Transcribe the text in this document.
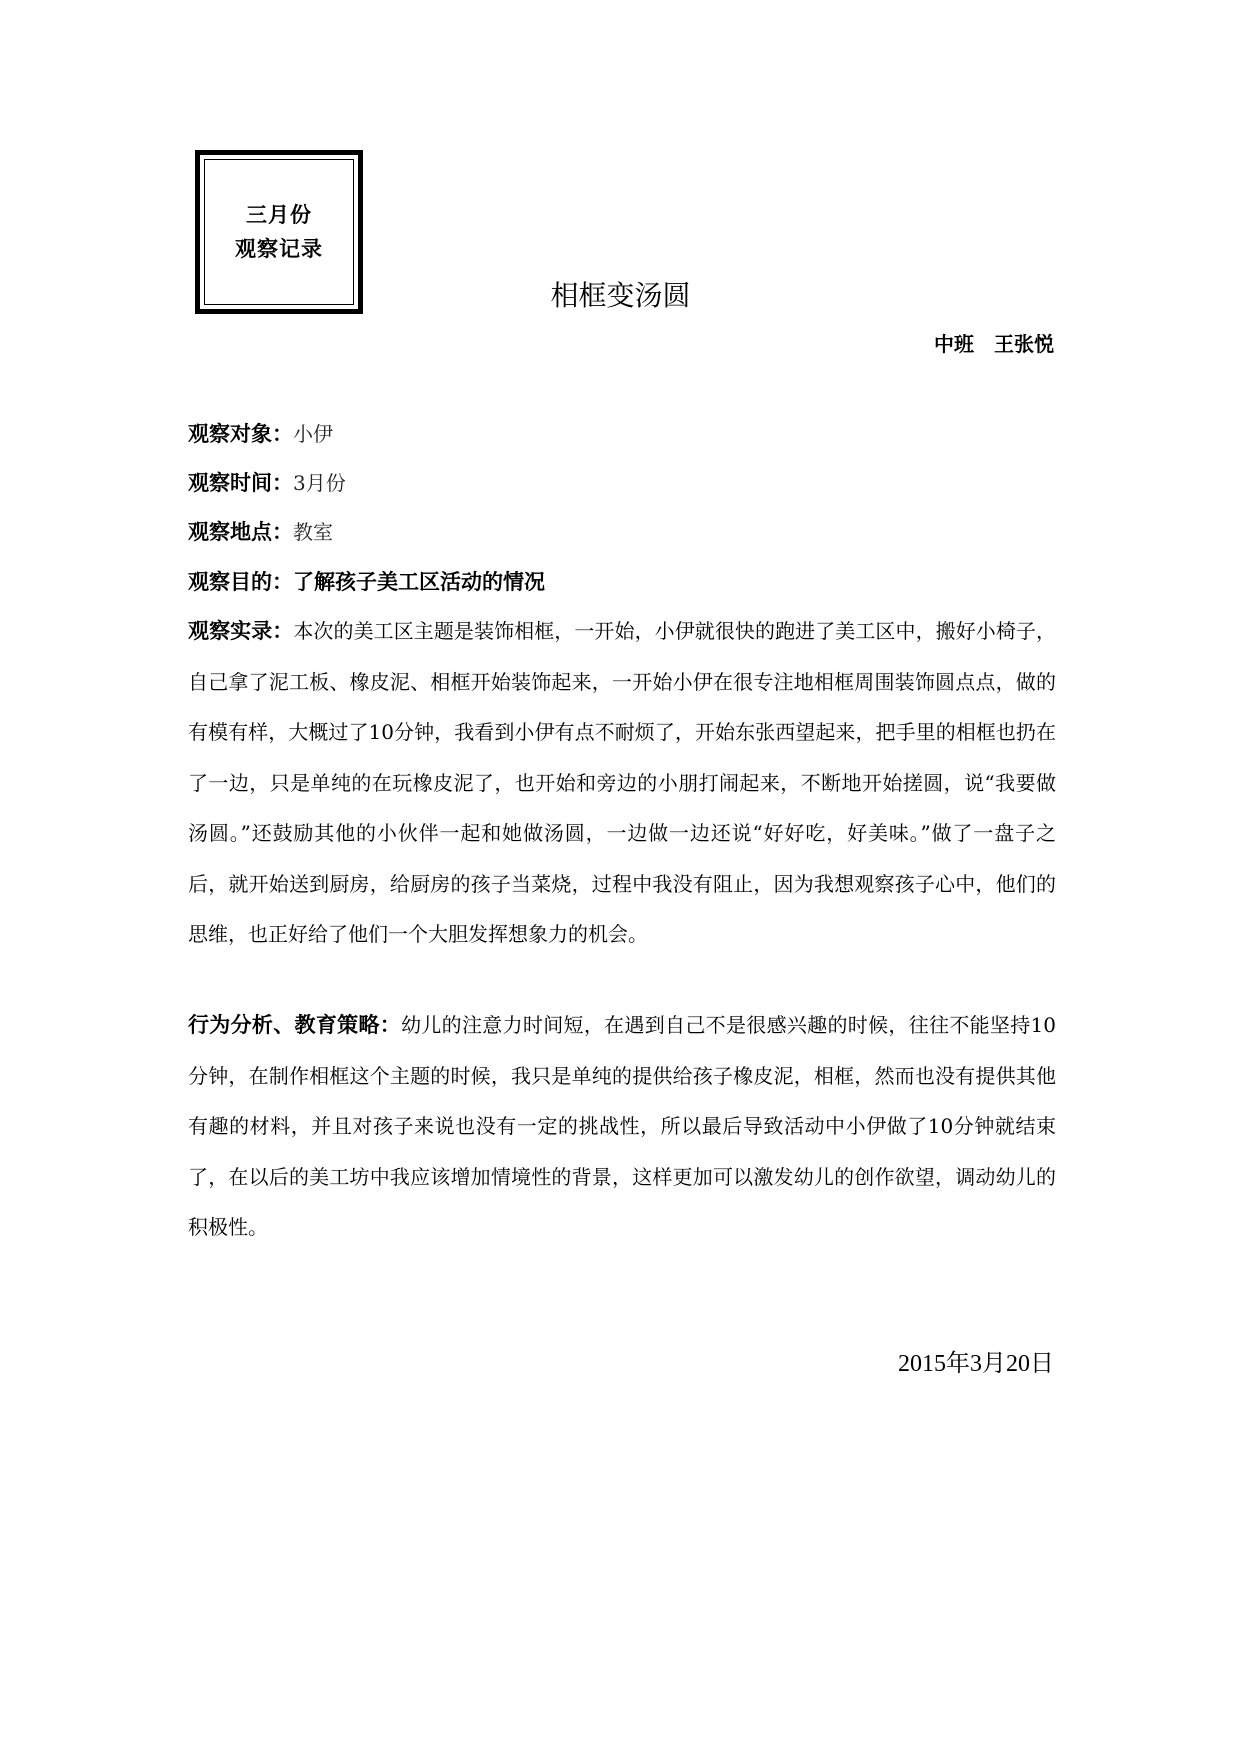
三月份
观察记录
相框变汤圆
中班　王张悦
观察对象：小伊
观察时间：3月份
观察地点：教室
观察目的：了解孩子美工区活动的情况
观察实录：本次的美工区主题是装饰相框，一开始，小伊就很快的跑进了美工区中，搬好小椅子，自己拿了泥工板、橡皮泥、相框开始装饰起来，一开始小伊在很专注地相框周围装饰圆点点，做的有模有样，大概过了10分钟，我看到小伊有点不耐烦了，开始东张西望起来，把手里的相框也扔在了一边，只是单纯的在玩橡皮泥了，也开始和旁边的小朋打闹起来，不断地开始搓圆，说“我要做汤圆。”还鼓励其他的小伙伴一起和她做汤圆，一边做一边还说“好好吃，好美味。”做了一盘子之后，就开始送到厨房，给厨房的孩子当菜烧，过程中我没有阻止，因为我想观察孩子心中，他们的思维，也正好给了他们一个大胆发挥想象力的机会。
行为分析、教育策略：幼儿的注意力时间短，在遇到自己不是很感兴趣的时候，往往不能坚持10分钟，在制作相框这个主题的时候，我只是单纯的提供给孩子橡皮泥，相框，然而也没有提供其他有趣的材料，并且对孩子来说也没有一定的挑战性，所以最后导致活动中小伊做了10分钟就结束了，在以后的美工坊中我应该增加情境性的背景，这样更加可以激发幼儿的创作欲望，调动幼儿的积极性。
2015年3月20日
